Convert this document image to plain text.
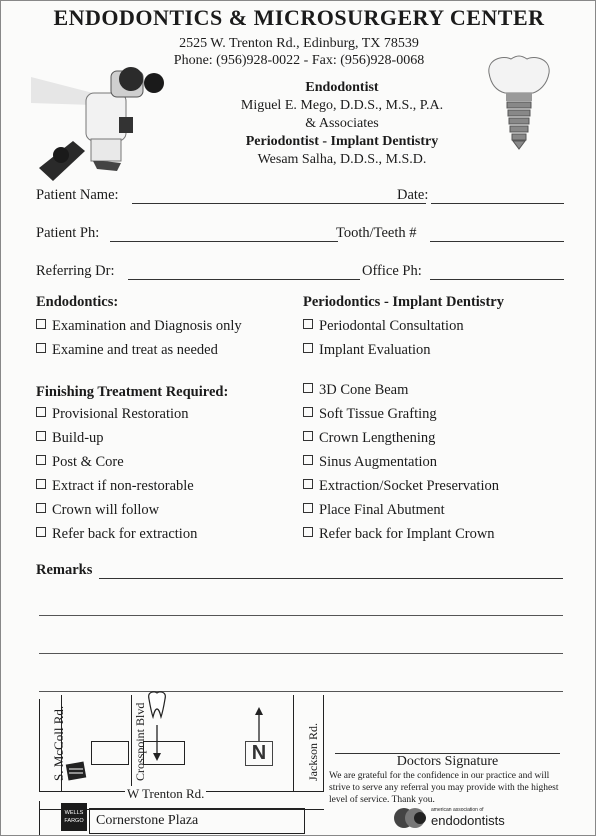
ENDODONTICS & MICROSURGERY CENTER
2525 W. Trenton Rd., Edinburg, TX 78539
Phone: (956)928-0022 - Fax: (956)928-0068
Endodontist
Miguel E. Mego, D.D.S., M.S., P.A.
& Associates
Periodontist - Implant Dentistry
Wesam Salha, D.D.S., M.S.D.
Patient Name:	Date:
Patient Ph:	Tooth/Teeth #
Referring Dr:	Office Ph:
Endodontics:
Examination and Diagnosis only
Examine and treat as needed
Finishing Treatment Required:
Provisional Restoration
Build-up
Post & Core
Extract if non-restorable
Crown will follow
Refer back for extraction
Periodontics - Implant Dentistry
Periodontal Consultation
Implant Evaluation
3D Cone Beam
Soft Tissue Grafting
Crown Lengthening
Sinus Augmentation
Extraction/Socket Preservation
Place Final Abutment
Refer back for Implant Crown
Remarks
S. McColl Rd.	Crosspoint Blvd	Jackson Rd.
W Trenton Rd.
N
WELLS FARGO Cornerstone Plaza
Doctors Signature
We are grateful for the confidence in our practice and will strive to serve any referral you may provide with the highest level of service. Thank you.
american association of
endodontists
